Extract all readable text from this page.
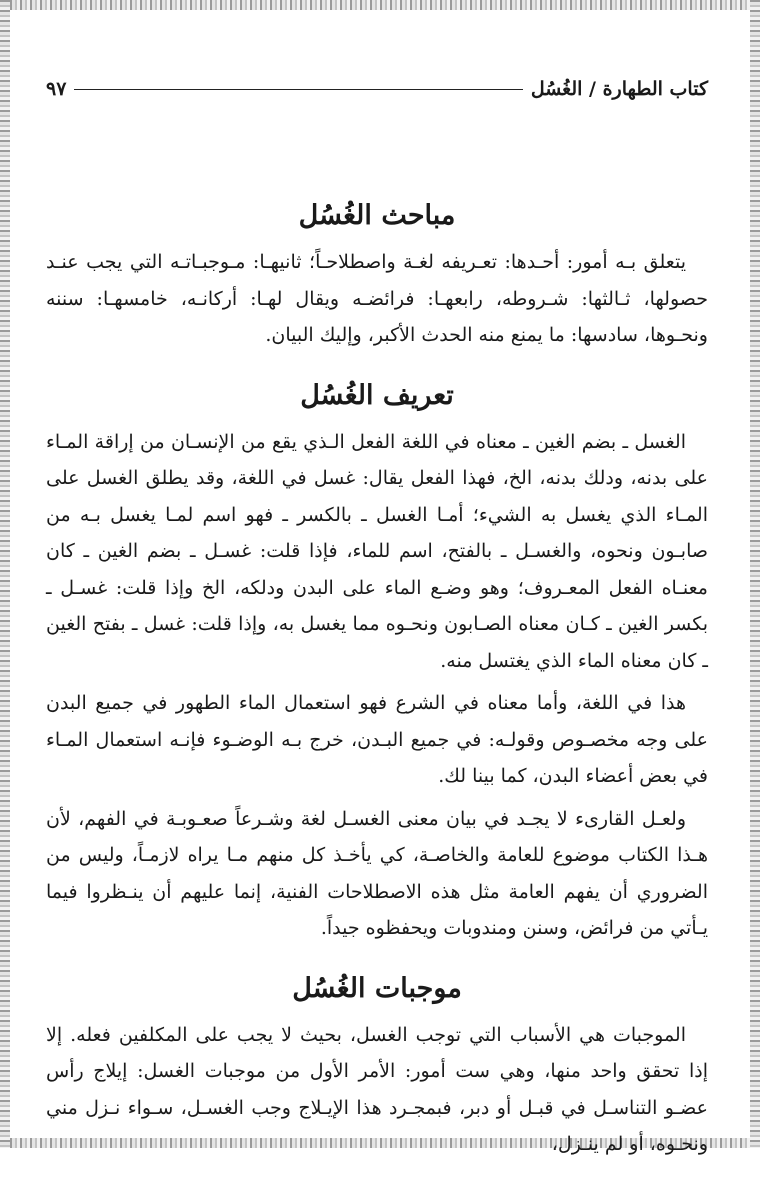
كتاب الطهارة / الغُسُل
٩٧
مباحث الغُسُل

يتعلق بـه أمور: أحـدها: تعـريفه لغـة واصطلاحـاً؛ ثانيهـا: مـوجبـاتـه التي يجب عنـد حصولها، ثـالثها: شـروطه، رابعهـا: فرائضـه ويقال لهـا: أركانـه، خامسهـا: سننه ونحـوها، سادسها: ما يمنع منه الحدث الأكبر، وإليك البيان.

تعريف الغُسُل

الغسل ـ بضم الغين ـ معناه في اللغة الفعل الـذي يقع من الإنسـان من إراقة المـاء على بدنه، ودلك بدنه، الخ، فهذا الفعل يقال: غسل في اللغة، وقد يطلق الغسل على المـاء الذي يغسل به الشيء؛ أمـا الغسل ـ بالكسر ـ فهو اسم لمـا يغسل بـه من صابـون ونحوه، والغسـل ـ بالفتح، اسم للماء، فإذا قلت: غسـل ـ بضم الغين ـ كان معنـاه الفعل المعـروف؛ وهو وضـع الماء على البدن ودلكه، الخ وإذا قلت: غسـل ـ بكسر الغين ـ كـان معناه الصـابون ونحـوه مما يغسل به، وإذا قلت: غسل ـ بفتح الغين ـ كان معناه الماء الذي يغتسل منه.

هذا في اللغة، وأما معناه في الشرع فهو استعمال الماء الطهور في جميع البدن على وجه مخصـوص وقولـه: في جميع البـدن، خرج بـه الوضـوء فإنـه استعمال المـاء في بعض أعضاء البدن، كما بينا لك.

ولعـل القارىء لا يجـد في بيان معنى الغسـل لغة وشـرعاً صعـوبـة في الفهم، لأن هـذا الكتاب موضوع للعامة والخاصـة، كي يأخـذ كل منهم مـا يراه لازمـاً، وليس من الضروري أن يفهم العامة مثل هذه الاصطلاحات الفنية، إنما عليهم أن ينـظروا فيما يـأتي من فرائض، وسنن ومندوبات ويحفظوه جيداً.

موجبات الغُسُل

الموجبات هي الأسباب التي توجب الغسل، بحيث لا يجب على المكلفين فعله. إلا إذا تحقق واحد منها، وهي ست أمور: الأمر الأول من موجبات الغسل: إيلاج رأس عضـو التناسـل في قبـل أو دبر، فبمجـرد هذا الإيـلاج وجب الغسـل، سـواء نـزل مني ونحـوه، أو لم ينـزل،
